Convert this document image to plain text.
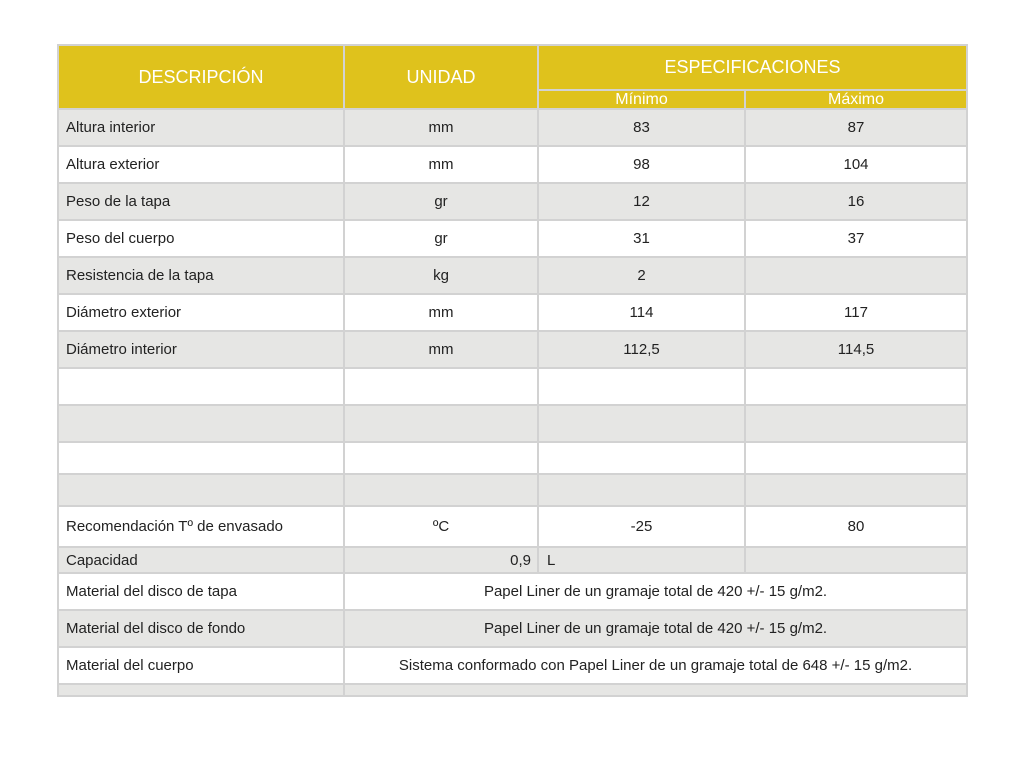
DESCRIPCIÓN	UNIDAD	ESPECIFICACIONES	
		Mínimo	Máximo
Altura interior	mm	83	87
Altura exterior	mm	98	104
Peso de la tapa	gr	12	16
Peso del cuerpo	gr	31	37
Resistencia de la tapa	kg	2	
Diámetro exterior	mm	114	117
Diámetro interior	mm	112,5	114,5

Recomendación Tº de envasado	ºC	-25	80
Capacidad	0,9	L	
Material del disco de tapa	Papel Liner de un gramaje total de 420 +/- 15 g/m2.		
Material del disco de fondo	Papel Liner de un gramaje total de 420 +/- 15 g/m2.		
Material del cuerpo	Sistema conformado con Papel Liner de un gramaje total de 648 +/- 15 g/m2.		
